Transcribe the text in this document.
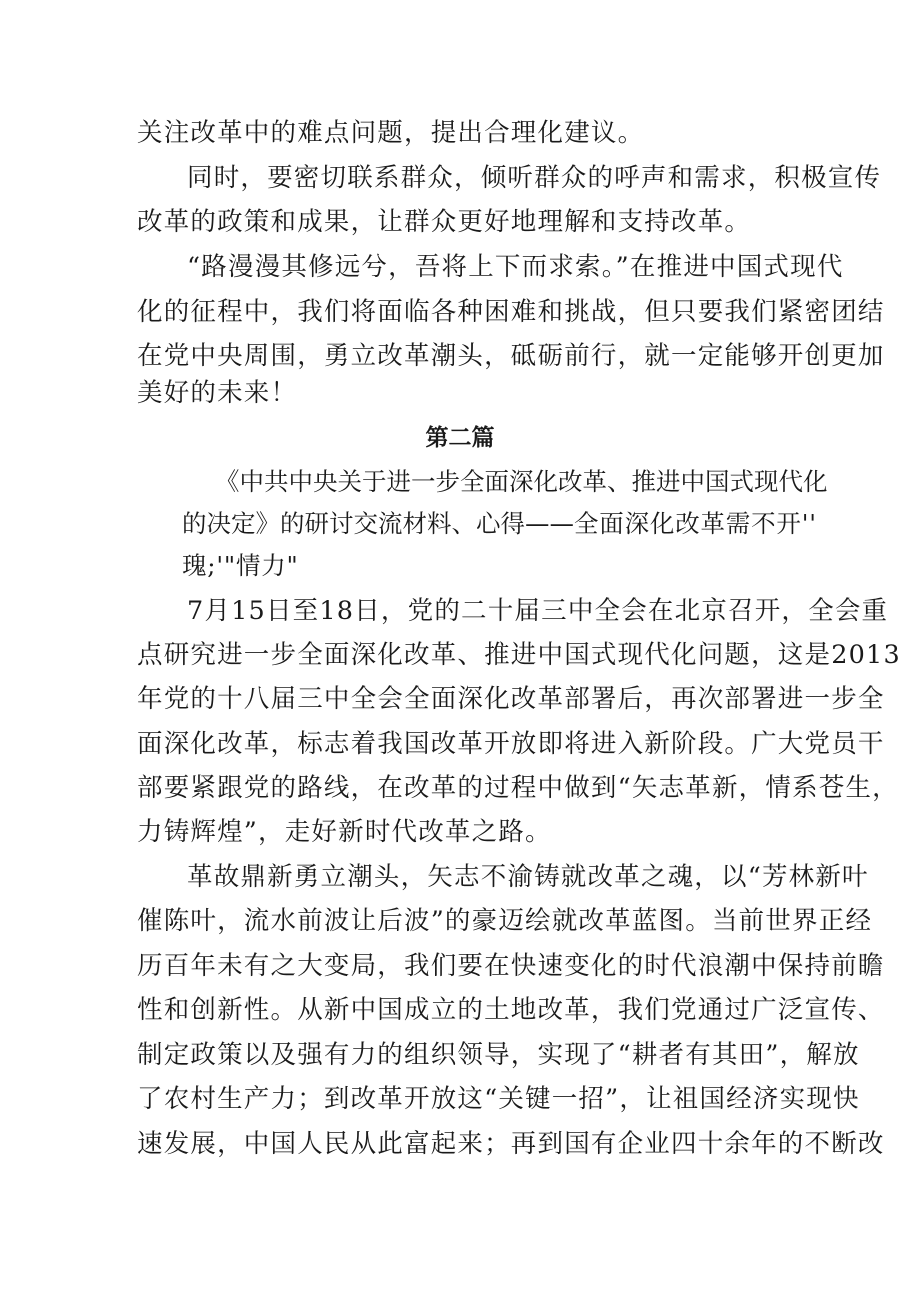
关注改革中的难点问题，提出合理化建议。
同时，要密切联系群众，倾听群众的呼声和需求，积极宣传
改革的政策和成果，让群众更好地理解和支持改革。
“路漫漫其修远兮，吾将上下而求索。”在推进中国式现代
化的征程中，我们将面临各种困难和挑战，但只要我们紧密团结
在党中央周围，勇立改革潮头，砥砺前行，就一定能够开创更加
美好的未来！
第二篇
《中共中央关于进一步全面深化改革、推进中国式现代化
的决定》的研讨交流材料、心得——全面深化改革需不开''
瑰;'"情力"
7月15日至18日，党的二十届三中全会在北京召开，全会重
点研究进一步全面深化改革、推进中国式现代化问题，这是2013
年党的十八届三中全会全面深化改革部署后，再次部署进一步全
面深化改革，标志着我国改革开放即将进入新阶段。广大党员干
部要紧跟党的路线，在改革的过程中做到“矢志革新，情系苍生，
力铸辉煌”，走好新时代改革之路。
革故鼎新勇立潮头，矢志不渝铸就改革之魂，以“芳林新叶
催陈叶，流水前波让后波”的豪迈绘就改革蓝图。当前世界正经
历百年未有之大变局，我们要在快速变化的时代浪潮中保持前瞻
性和创新性。从新中国成立的土地改革，我们党通过广泛宣传、
制定政策以及强有力的组织领导，实现了“耕者有其田”，解放
了农村生产力；到改革开放这“关键一招”，让祖国经济实现快
速发展，中国人民从此富起来；再到国有企业四十余年的不断改
